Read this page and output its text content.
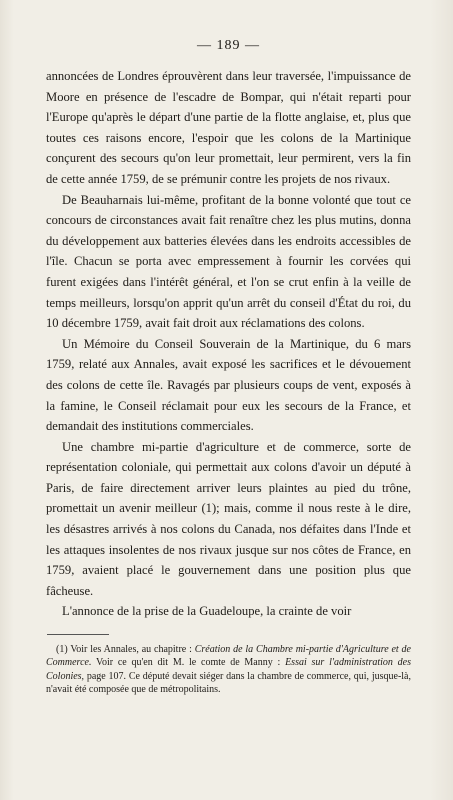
— 189 —

annoncées de Londres éprouvèrent dans leur traversée, l'impuissance de Moore en présence de l'escadre de Bompar, qui n'était reparti pour l'Europe qu'après le départ d'une partie de la flotte anglaise, et, plus que toutes ces raisons encore, l'espoir que les colons de la Martinique conçurent des secours qu'on leur promettait, leur permirent, vers la fin de cette année 1759, de se prémunir contre les projets de nos rivaux.

De Beauharnais lui-même, profitant de la bonne volonté que tout ce concours de circonstances avait fait renaître chez les plus mutins, donna du développement aux batteries élevées dans les endroits accessibles de l'île. Chacun se porta avec empressement à fournir les corvées qui furent exigées dans l'intérêt général, et l'on se crut enfin à la veille de temps meilleurs, lorsqu'on apprit qu'un arrêt du conseil d'État du roi, du 10 décembre 1759, avait fait droit aux réclamations des colons.

Un Mémoire du Conseil Souverain de la Martinique, du 6 mars 1759, relaté aux Annales, avait exposé les sacrifices et le dévouement des colons de cette île. Ravagés par plusieurs coups de vent, exposés à la famine, le Conseil réclamait pour eux les secours de la France, et demandait des institutions commerciales.

Une chambre mi-partie d'agriculture et de commerce, sorte de représentation coloniale, qui permettait aux colons d'avoir un député à Paris, de faire directement arriver leurs plaintes au pied du trône, promettait un avenir meilleur (1); mais, comme il nous reste à le dire, les désastres arrivés à nos colons du Canada, nos défaites dans l'Inde et les attaques insolentes de nos rivaux jusque sur nos côtes de France, en 1759, avaient placé le gouvernement dans une position plus que fâcheuse.

L'annonce de la prise de la Guadeloupe, la crainte de voir

(1) Voir les Annales, au chapitre : Création de la Chambre mi-partie d'Agriculture et de Commerce. Voir ce qu'en dit M. le comte de Manny : Essai sur l'administration des Colonies, page 107. Ce député devait siéger dans la chambre de commerce, qui, jusque-là, n'avait été composée que de métropolitains.
